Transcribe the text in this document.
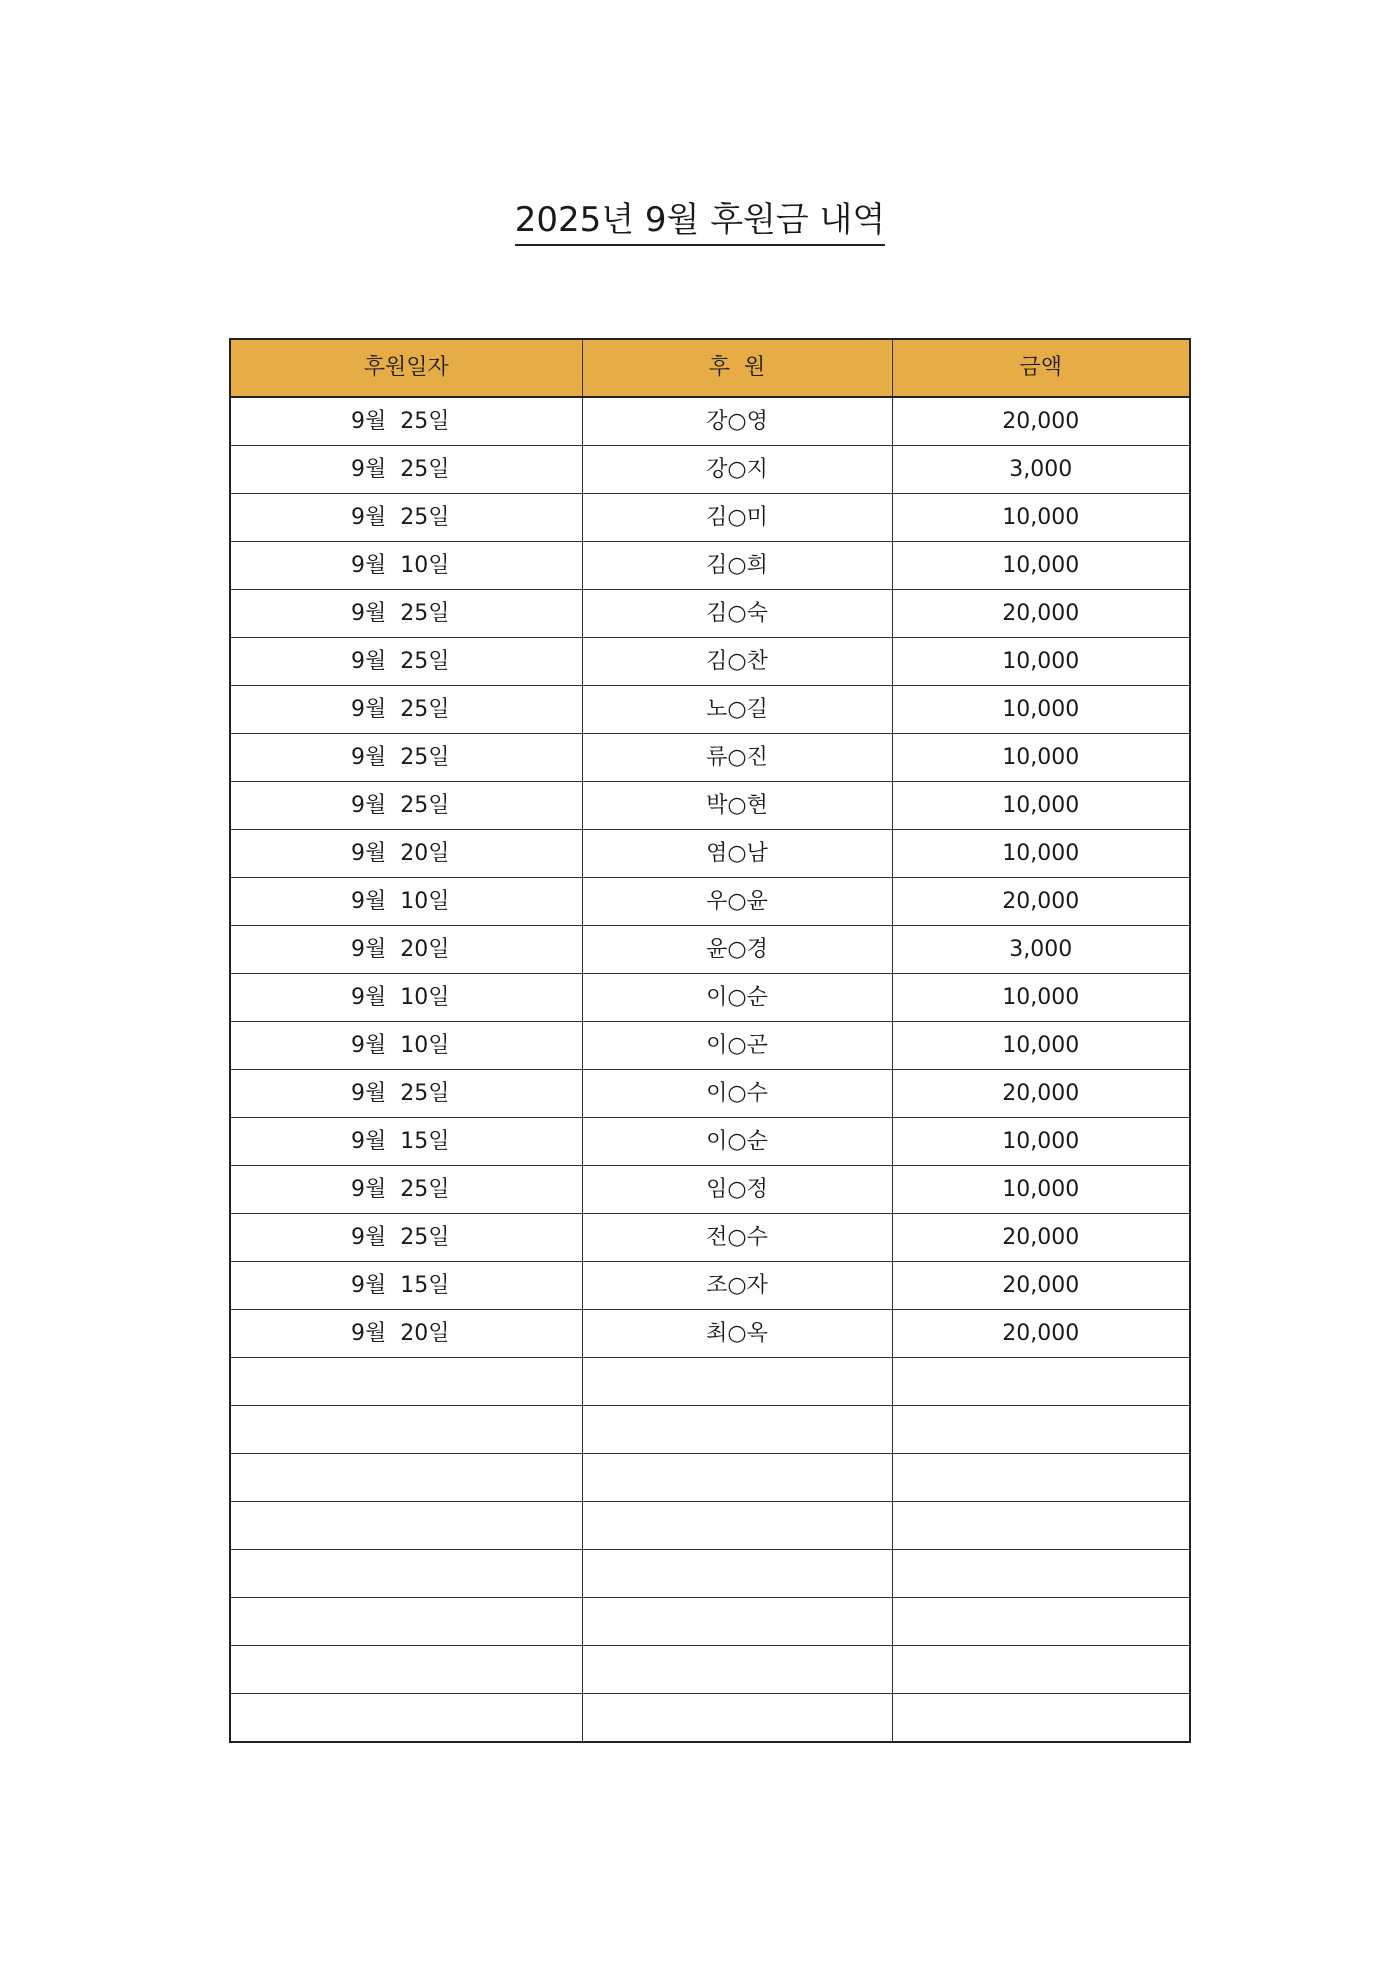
2025년 9월 후원금 내역
후원일자	후  원	금액
9월  25일	강○영	20,000
9월  25일	강○지	3,000
9월  25일	김○미	10,000
9월  10일	김○희	10,000
9월  25일	김○숙	20,000
9월  25일	김○찬	10,000
9월  25일	노○길	10,000
9월  25일	류○진	10,000
9월  25일	박○현	10,000
9월  20일	염○남	10,000
9월  10일	우○윤	20,000
9월  20일	윤○경	3,000
9월  10일	이○순	10,000
9월  10일	이○곤	10,000
9월  25일	이○수	20,000
9월  15일	이○순	10,000
9월  25일	임○정	10,000
9월  25일	전○수	20,000
9월  15일	조○자	20,000
9월  20일	최○옥	20,000
